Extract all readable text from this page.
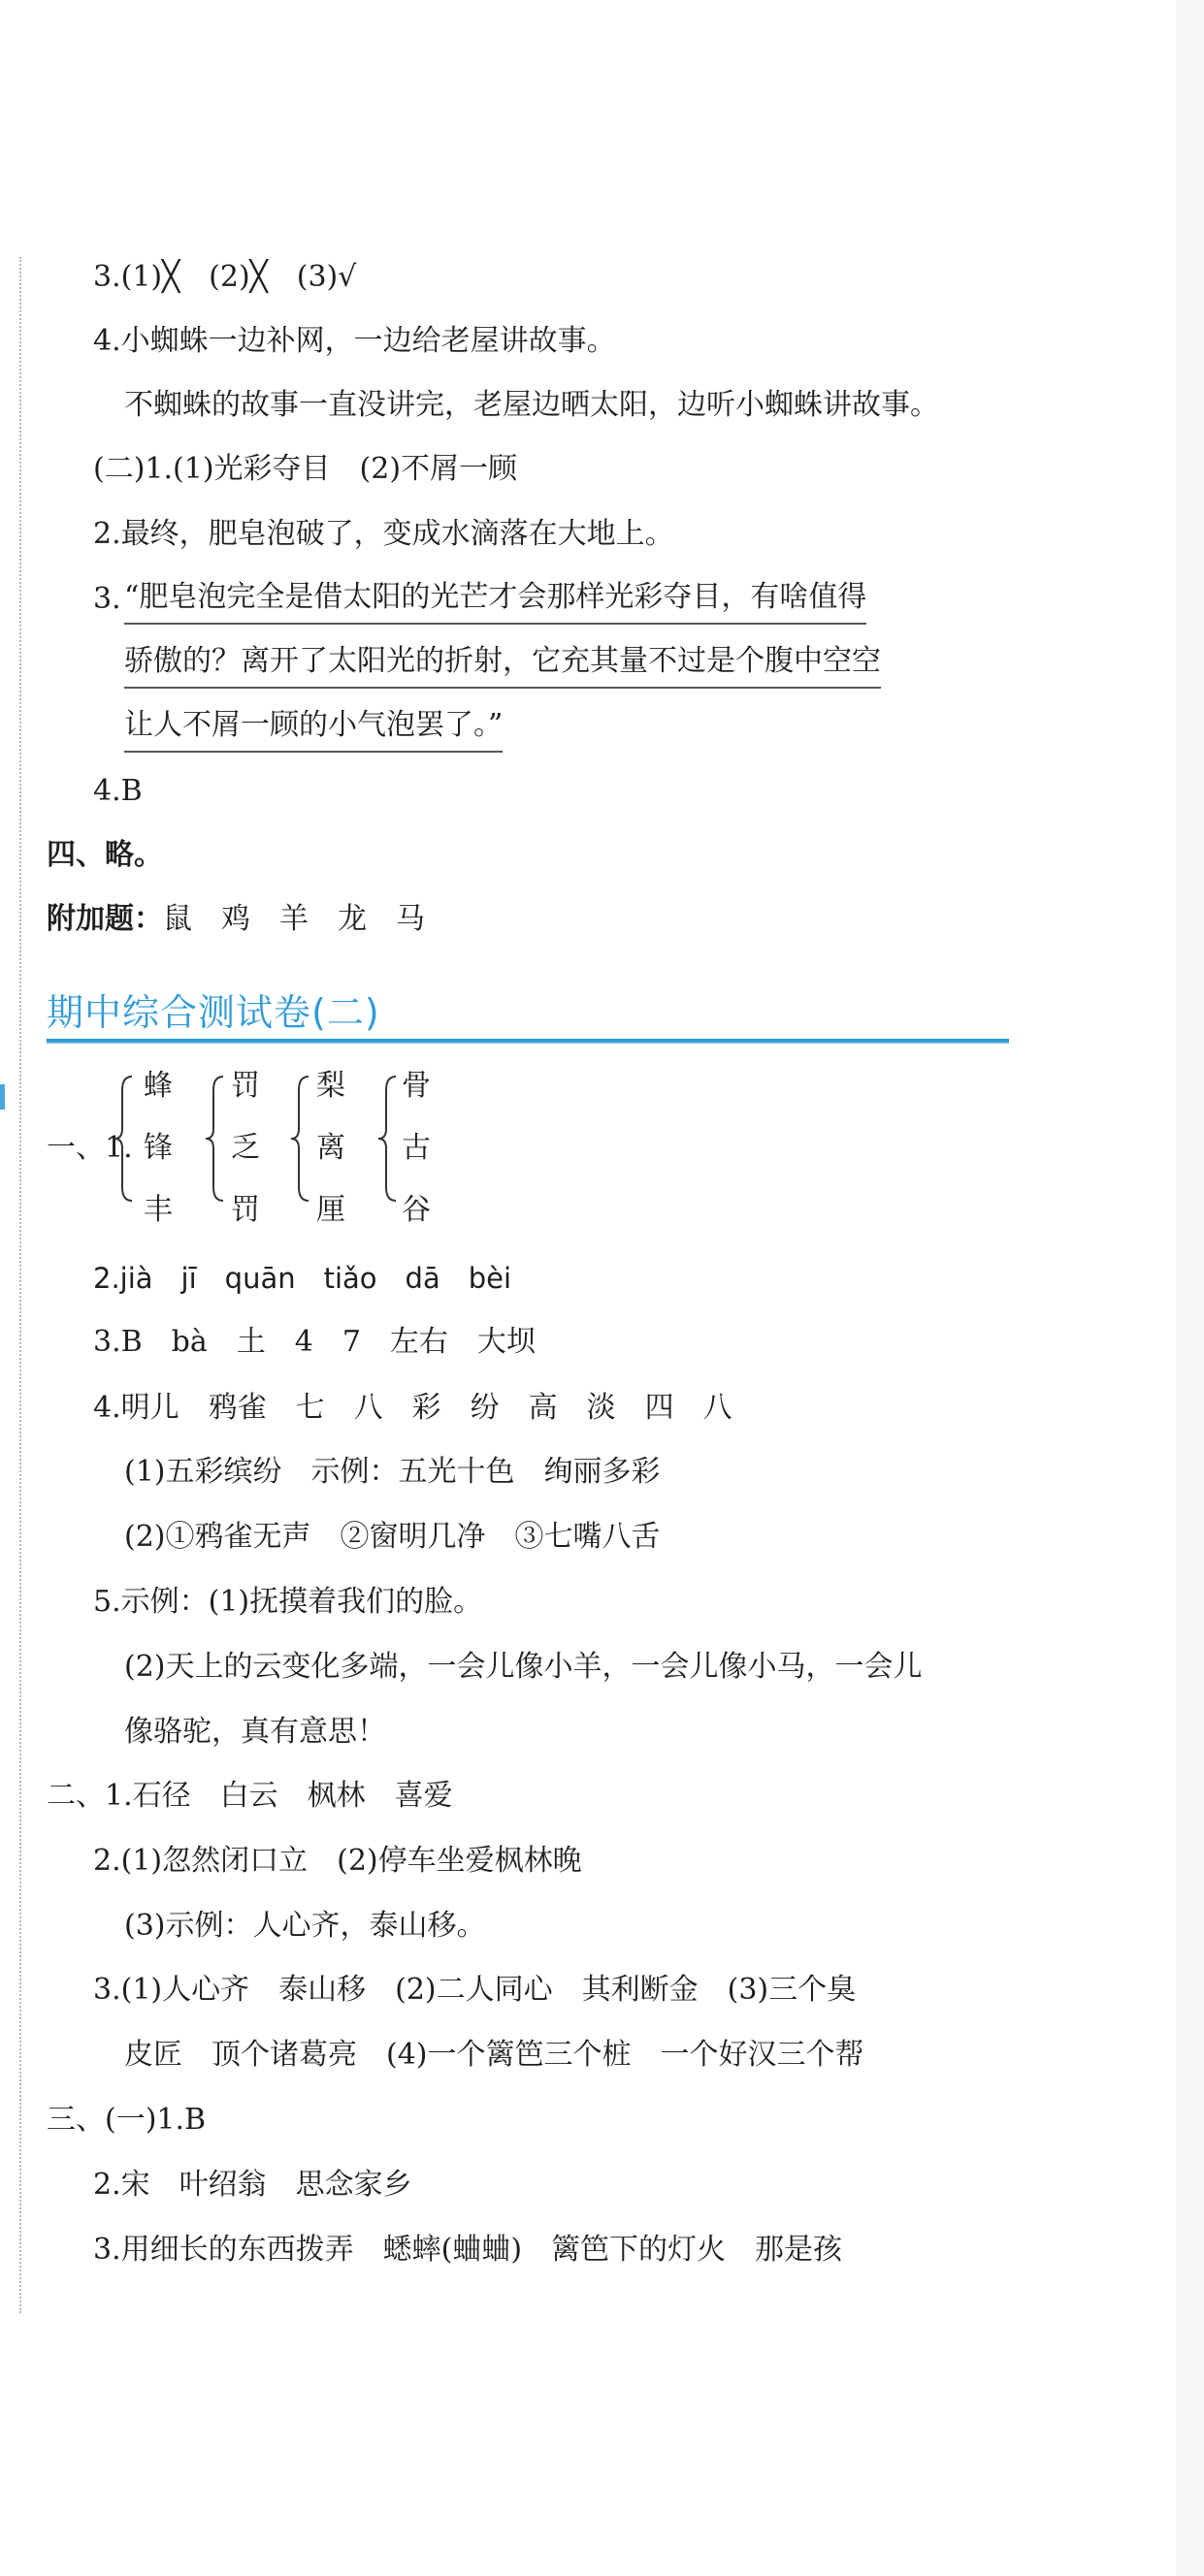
3.(1)╳　(2)╳　(3)√
4.小蜘蛛一边补网，一边给老屋讲故事。
不蜘蛛的故事一直没讲完，老屋边晒太阳，边听小蜘蛛讲故事。
(二)1.(1)光彩夺目　(2)不屑一顾
2.最终，肥皂泡破了，变成水滴落在大地上。
3. “肥皂泡完全是借太阳的光芒才会那样光彩夺目，有啥值得
骄傲的？离开了太阳光的折射，它充其量不过是个腹中空空
让人不屑一顾的小气泡罢了。”
4.B
四、略。
附加题：鼠　鸡　羊　龙　马
期中综合测试卷(二)
一、1.
蜂
锋
丰
罚
乏
罚
梨
离
厘
骨
古
谷
2.jià　jī　quān　tiǎo　dā　bèi
3.B　bà　土　4　7　左右　大坝
4.明儿　鸦雀　七　八　彩　纷　高　淡　四　八
(1)五彩缤纷　示例：五光十色　绚丽多彩
(2)①鸦雀无声　②窗明几净　③七嘴八舌
5.示例：(1)抚摸着我们的脸。
(2)天上的云变化多端，一会儿像小羊，一会儿像小马，一会儿
像骆驼，真有意思！
二、1.石径　白云　枫林　喜爱
2.(1)忽然闭口立　(2)停车坐爱枫林晚
(3)示例：人心齐，泰山移。
3.(1)人心齐　泰山移　(2)二人同心　其利断金　(3)三个臭
皮匠　顶个诸葛亮　(4)一个篱笆三个桩　一个好汉三个帮
三、(一)1.B
2.宋　叶绍翁　思念家乡
3.用细长的东西拨弄　蟋蟀(蛐蛐)　篱笆下的灯火　那是孩
